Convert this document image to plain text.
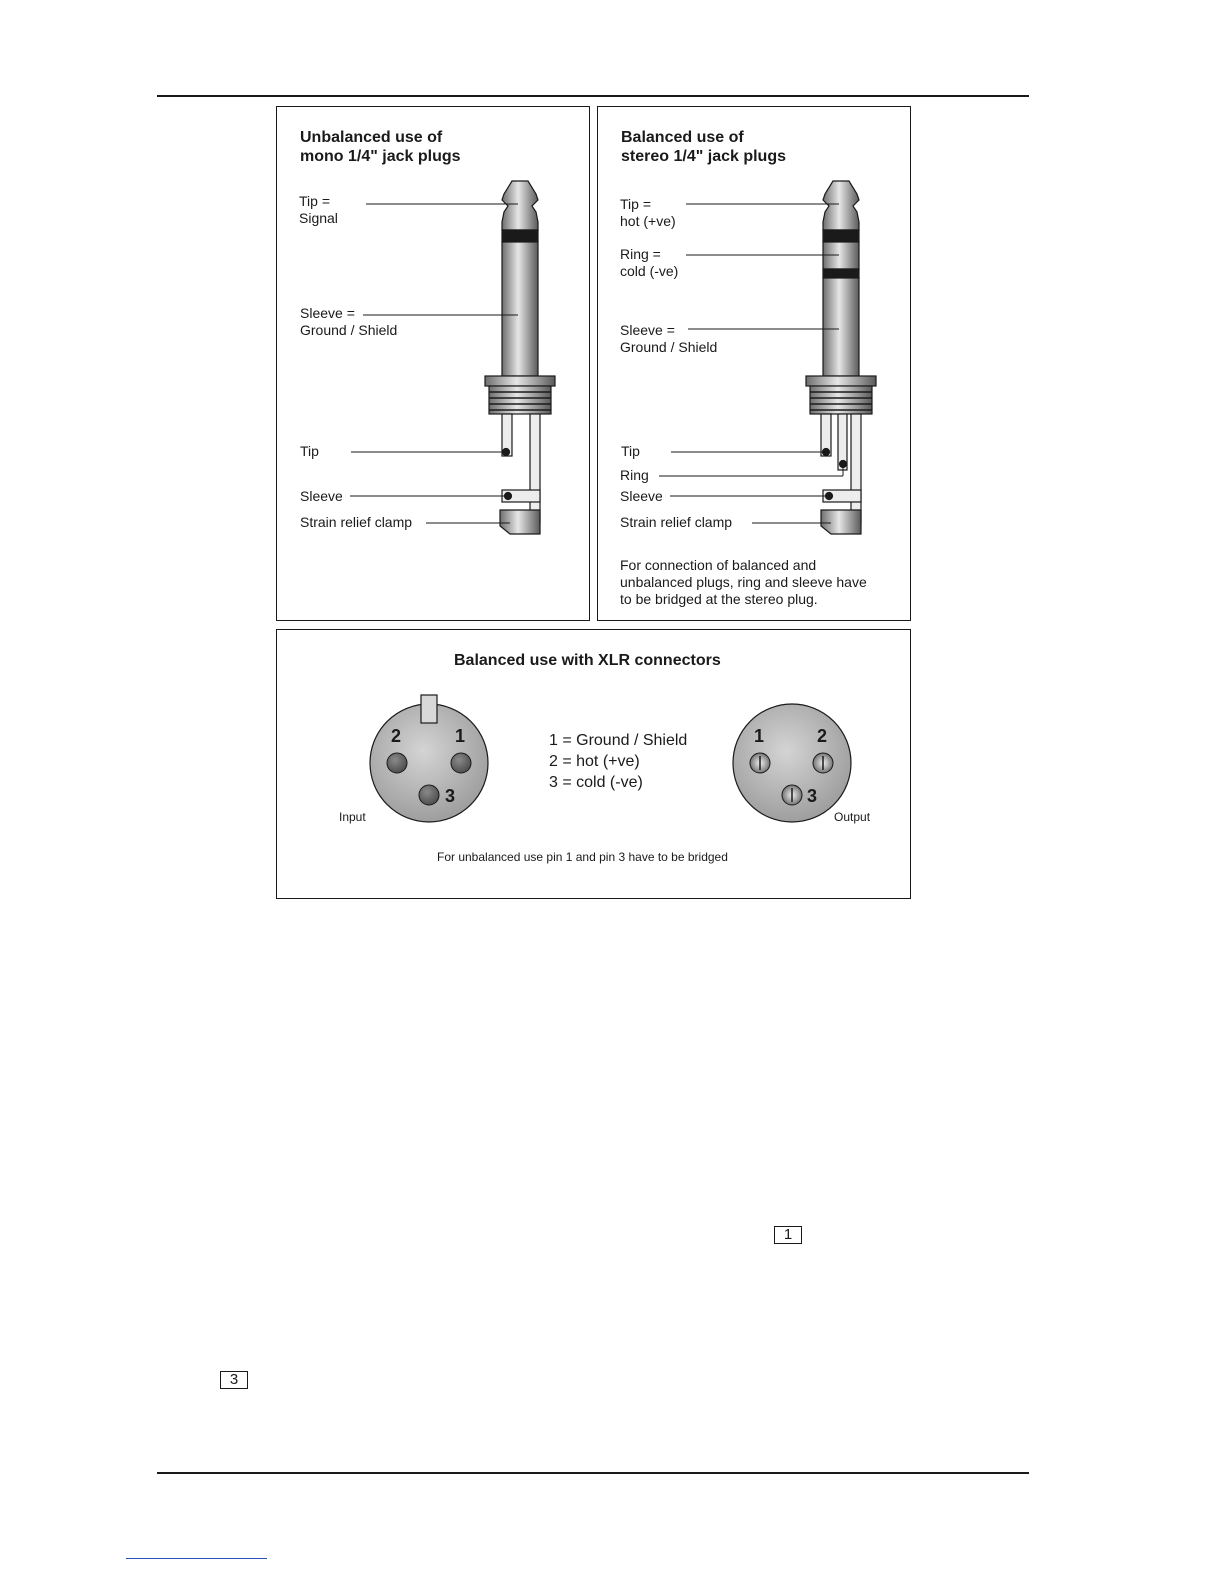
Unbalanced use of
mono 1/4" jack plugs
Tip =
Signal
Sleeve =
Ground / Shield
Tip
Sleeve
Strain relief clamp
Balanced use of
stereo 1/4" jack plugs
Tip =
hot (+ve)
Ring =
cold (-ve)
Sleeve =
Ground / Shield
Tip
Ring
Sleeve
Strain relief clamp
For connection of balanced and
unbalanced plugs, ring and sleeve have
to be bridged at the stereo plug.
Balanced use with XLR connectors
2	1
3
1	2
3
1 = Ground / Shield
2 = hot (+ve)
3 = cold (-ve)
Input	Output
For unbalanced use pin 1 and pin 3 have to be bridged
1
3
